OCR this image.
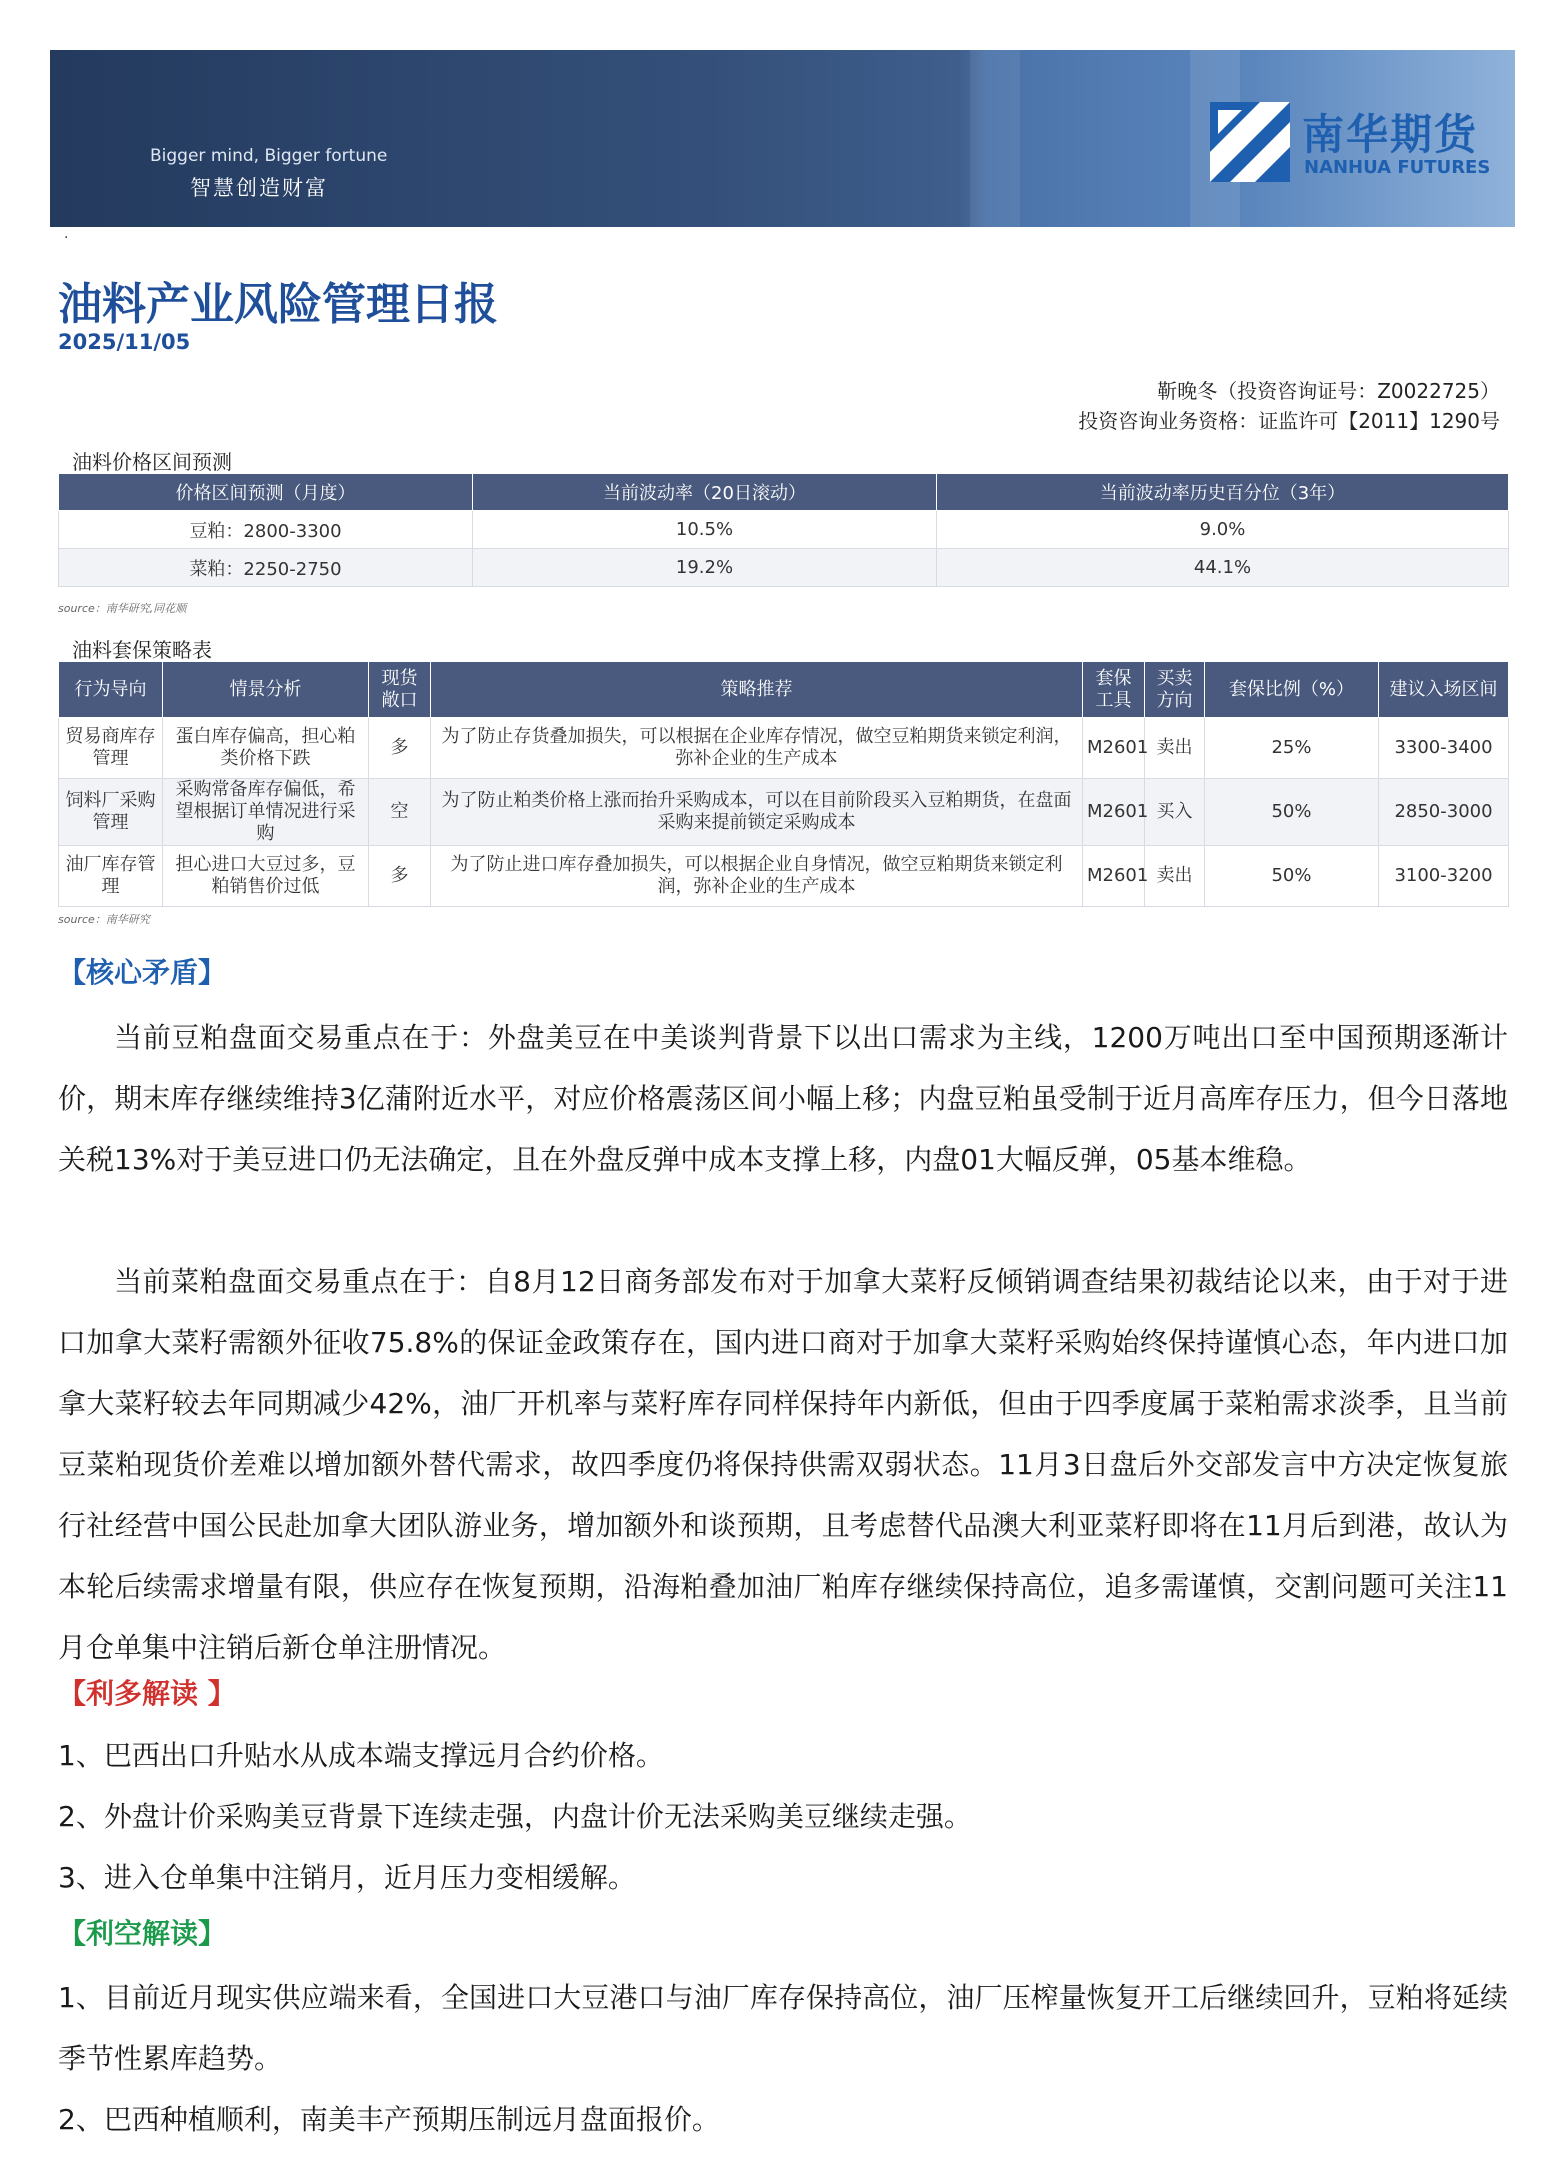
Bigger mind, Bigger fortune
智慧创造财富
南华期货
NANHUA FUTURES
·
油料产业风险管理日报
2025/11/05
靳晚冬（投资咨询证号：Z0022725）
投资咨询业务资格：证监许可【2011】1290号
油料价格区间预测
价格区间预测（月度）	当前波动率（20日滚动）	当前波动率历史百分位（3年）
豆粕：2800-3300	10.5%	9.0%
菜粕：2250-2750	19.2%	44.1%
source：南华研究,同花顺
油料套保策略表
行为导向	情景分析	现货敞口	策略推荐	套保工具	买卖方向	套保比例（%）	建议入场区间
贸易商库存管理	蛋白库存偏高，担心粕类价格下跌	多	为了防止存货叠加损失，可以根据在企业库存情况，做空豆粕期货来锁定利润，弥补企业的生产成本	M2601	卖出	25%	3300-3400
饲料厂采购管理	采购常备库存偏低，希望根据订单情况进行采购	空	为了防止粕类价格上涨而抬升采购成本，可以在目前阶段买入豆粕期货，在盘面采购来提前锁定采购成本	M2601	买入	50%	2850-3000
油厂库存管理	担心进口大豆过多，豆粕销售价过低	多	为了防止进口库存叠加损失，可以根据企业自身情况，做空豆粕期货来锁定利润，弥补企业的生产成本	M2601	卖出	50%	3100-3200
source：南华研究
【核心矛盾】

当前豆粕盘面交易重点在于：外盘美豆在中美谈判背景下以出口需求为主线，1200万吨出口至中国预期逐渐计价，期末库存继续维持3亿蒲附近水平，对应价格震荡区间小幅上移；内盘豆粕虽受制于近月高库存压力，但今日落地关税13%对于美豆进口仍无法确定，且在外盘反弹中成本支撑上移，内盘01大幅反弹，05基本维稳。

当前菜粕盘面交易重点在于：自8月12日商务部发布对于加拿大菜籽反倾销调查结果初裁结论以来，由于对于进口加拿大菜籽需额外征收75.8%的保证金政策存在，国内进口商对于加拿大菜籽采购始终保持谨慎心态，年内进口加拿大菜籽较去年同期减少42%，油厂开机率与菜籽库存同样保持年内新低，但由于四季度属于菜粕需求淡季，且当前豆菜粕现货价差难以增加额外替代需求，故四季度仍将保持供需双弱状态。11月3日盘后外交部发言中方决定恢复旅行社经营中国公民赴加拿大团队游业务，增加额外和谈预期，且考虑替代品澳大利亚菜籽即将在11月后到港，故认为本轮后续需求增量有限，供应存在恢复预期，沿海粕叠加油厂粕库存继续保持高位，追多需谨慎，交割问题可关注11月仓单集中注销后新仓单注册情况。

【利多解读 】

1、巴西出口升贴水从成本端支撑远月合约价格。

2、外盘计价采购美豆背景下连续走强，内盘计价无法采购美豆继续走强。

3、进入仓单集中注销月，近月压力变相缓解。

【利空解读】

1、目前近月现实供应端来看，全国进口大豆港口与油厂库存保持高位，油厂压榨量恢复开工后继续回升，豆粕将延续季节性累库趋势。

2、巴西种植顺利，南美丰产预期压制远月盘面报价。
